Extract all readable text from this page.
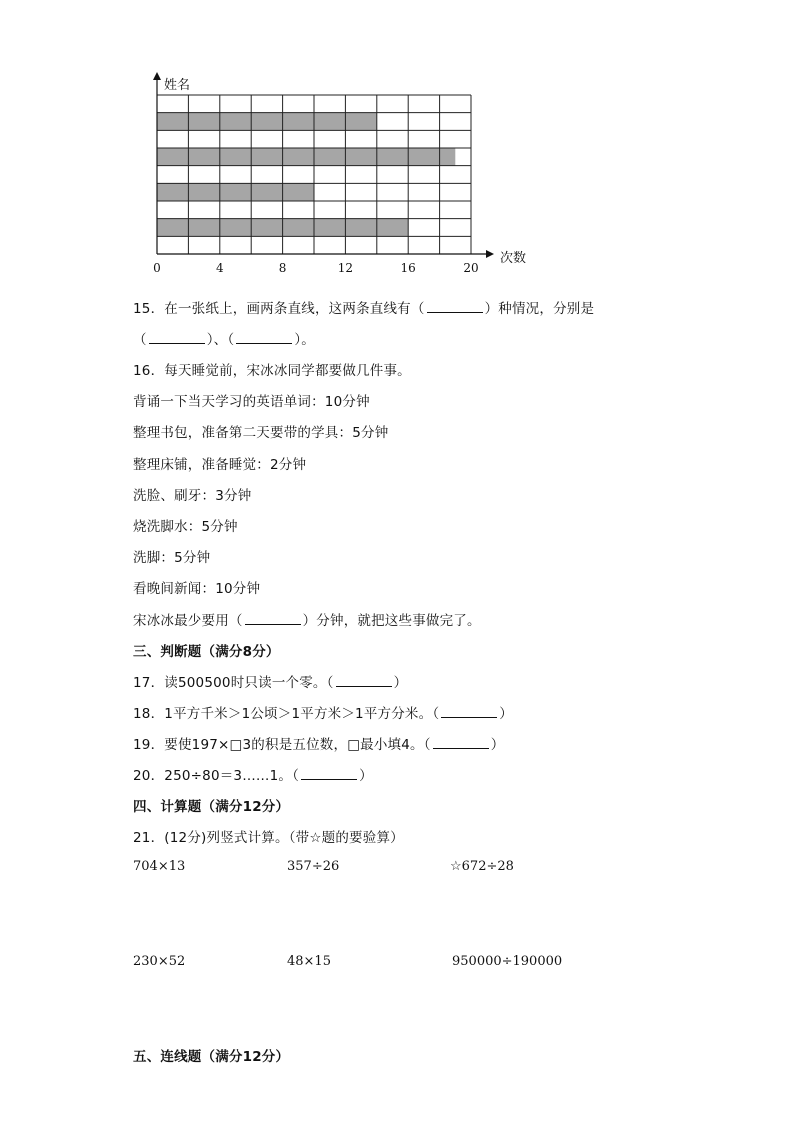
姓名
次数
0	4	8	12	16	20
15．在一张纸上，画两条直线，这两条直线有（	）种情况，分别是
（	）、（	）。
16．每天睡觉前，宋冰冰同学都要做几件事。
背诵一下当天学习的英语单词：10分钟
整理书包，准备第二天要带的学具：5分钟
整理床铺，准备睡觉：2分钟
洗脸、刷牙：3分钟
烧洗脚水：5分钟
洗脚：5分钟
看晚间新闻：10分钟
宋冰冰最少要用（	）分钟，就把这些事做完了。
三、判断题（满分8分）
17．读500500时只读一个零。（	）
18．1平方千米＞1公顷＞1平方米＞1平方分米。（	）
19．要使197×□3的积是五位数，□最小填4。（	）
20．250÷80＝3……1。（	）
四、计算题（满分12分）
21．(12分)列竖式计算。（带☆题的要验算）
704×13	357÷26	☆672÷28
230×52	48×15	950000÷190000
五、连线题（满分12分）
